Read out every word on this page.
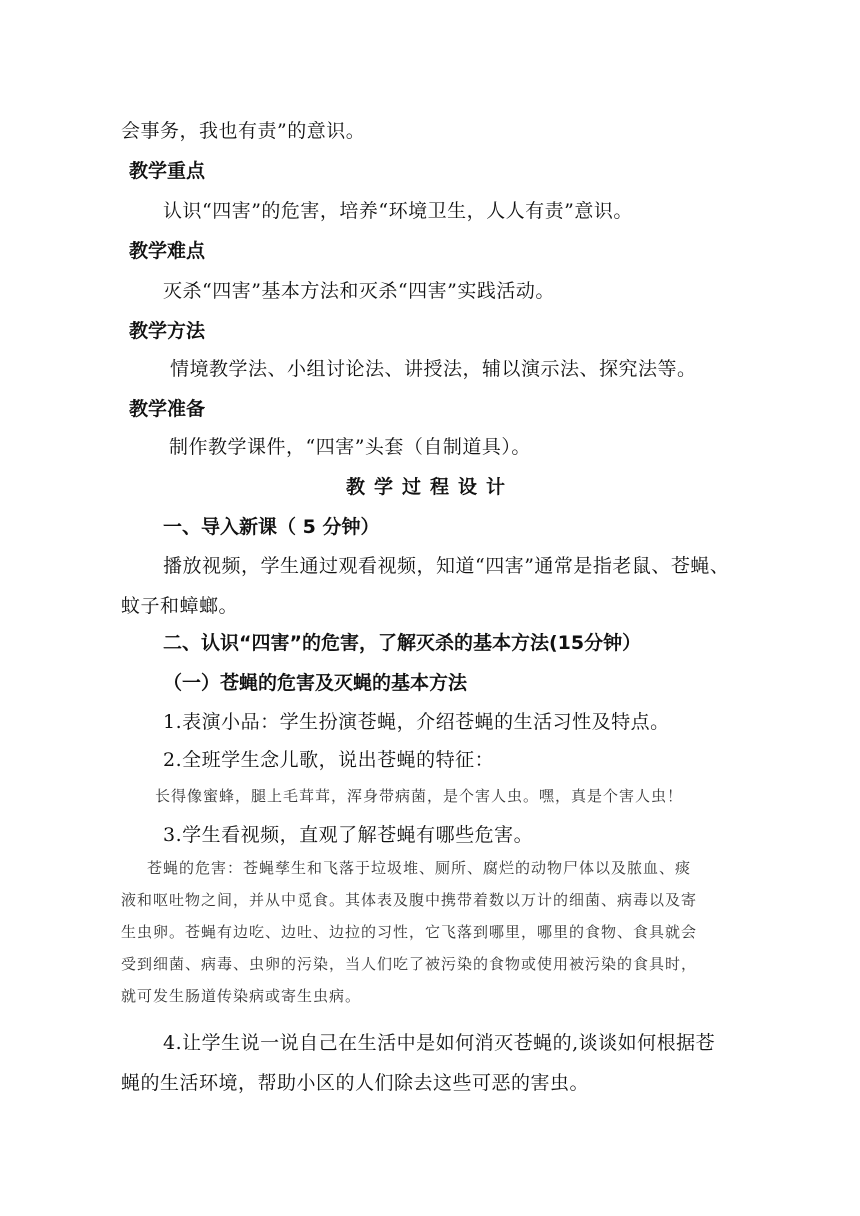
会事务，我也有责”的意识。
教学重点
认识“四害”的危害，培养“环境卫生，人人有责”意识。
教学难点
灭杀“四害”基本方法和灭杀“四害”实践活动。
教学方法
情境教学法、小组讨论法、讲授法，辅以演示法、探究法等。
教学准备
制作教学课件，“四害”头套（自制道具）。
教学过程设计
一、导入新课（ 5 分钟）
播放视频，学生通过观看视频，知道“四害”通常是指老鼠、苍蝇、
蚊子和蟑螂。
二、认识“四害”的危害，了解灭杀的基本方法(15分钟）
（一）苍蝇的危害及灭蝇的基本方法
1.表演小品：学生扮演苍蝇，介绍苍蝇的生活习性及特点。
2.全班学生念儿歌，说出苍蝇的特征：
长得像蜜蜂，腿上毛茸茸，浑身带病菌，是个害人虫。嘿，真是个害人虫！
3.学生看视频，直观了解苍蝇有哪些危害。
苍蝇的危害：苍蝇孳生和飞落于垃圾堆、厕所、腐烂的动物尸体以及脓血、痰
液和呕吐物之间，并从中觅食。其体表及腹中携带着数以万计的细菌、病毒以及寄
生虫卵。苍蝇有边吃、边吐、边拉的习性，它飞落到哪里，哪里的食物、食具就会
受到细菌、病毒、虫卵的污染，当人们吃了被污染的食物或使用被污染的食具时，
就可发生肠道传染病或寄生虫病。
4.让学生说一说自己在生活中是如何消灭苍蝇的,谈谈如何根据苍
蝇的生活环境，帮助小区的人们除去这些可恶的害虫。
